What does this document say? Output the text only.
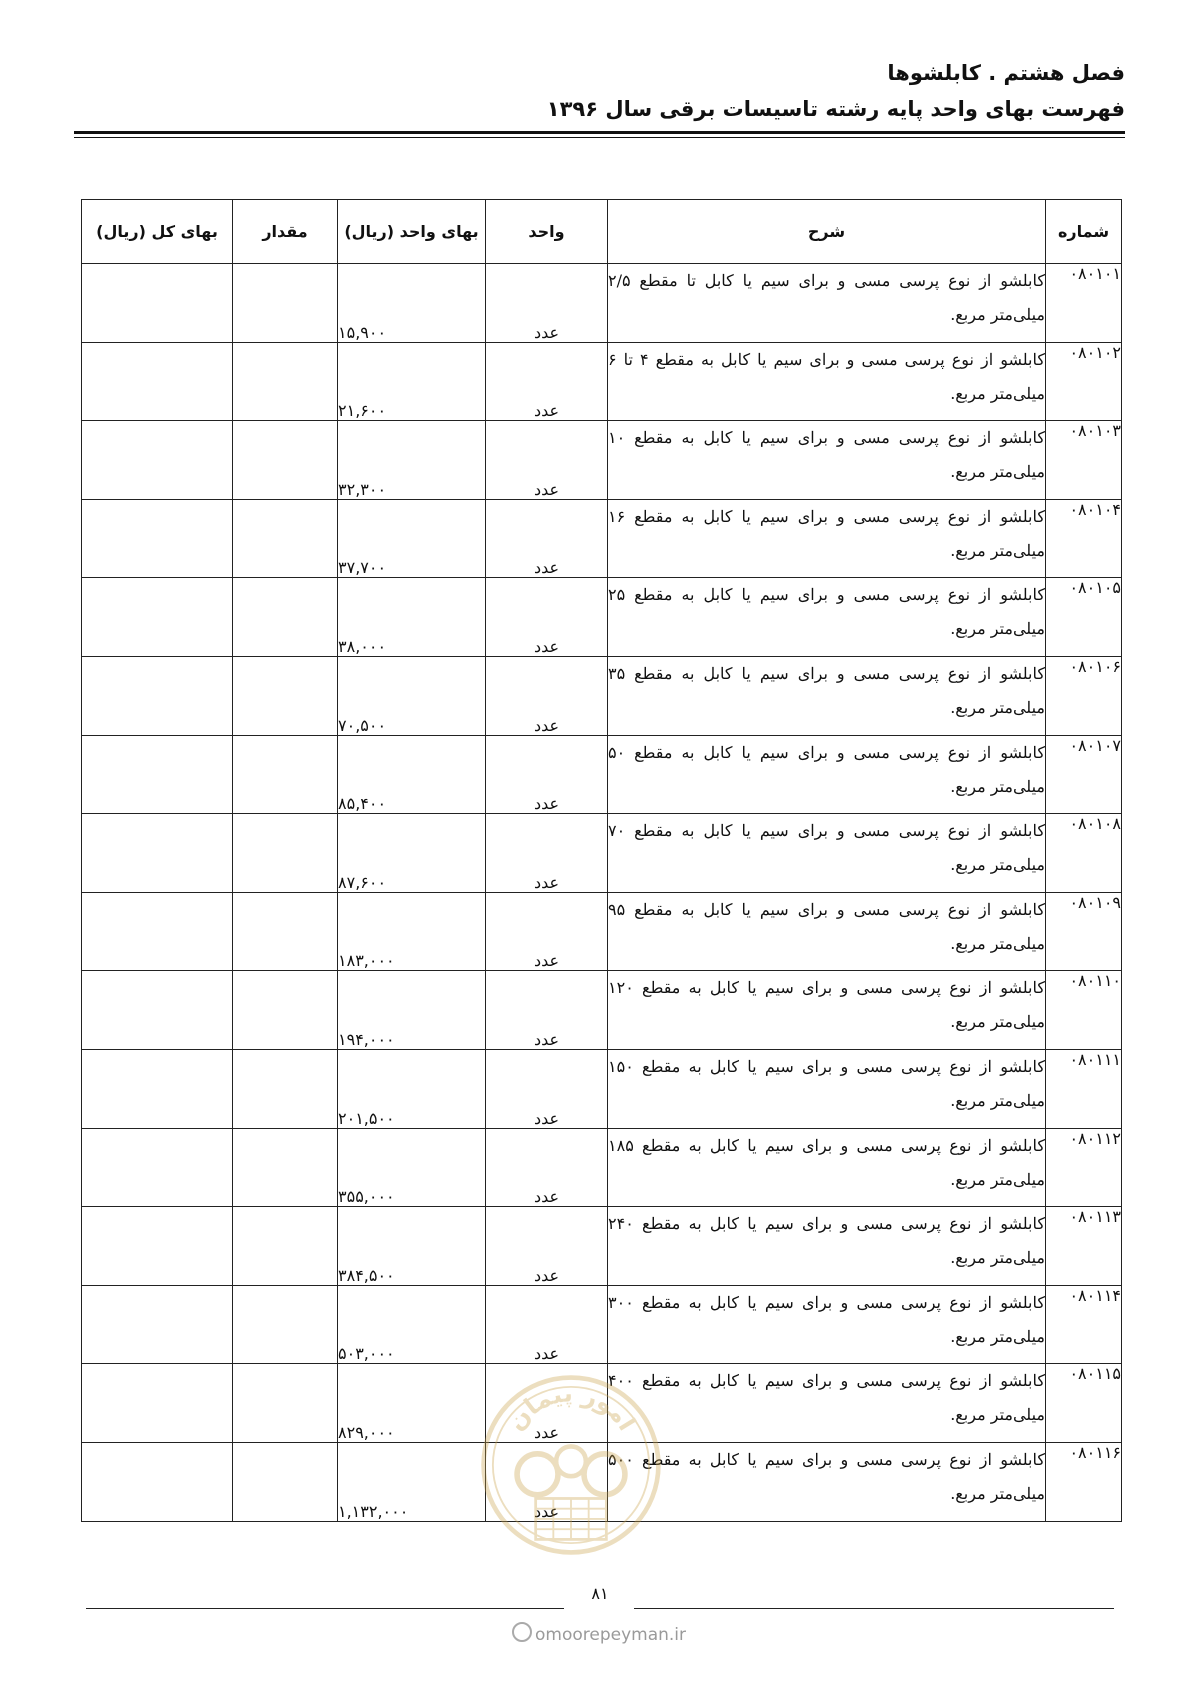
فصل هشتم . کابلشوها
فهرست بهای واحد پایه رشته تاسیسات برقی سال ۱۳۹۶
شماره	شرح	واحد	بهای واحد (ریال)	مقدار	بهای کل (ریال)
۰۸۰۱۰۱	کابلشو از نوع پرسی مسی و برای سیم یا کابل تا مقطع ۲/۵ میلی‌متر مربع.	عدد	۱۵,۹۰۰		
۰۸۰۱۰۲	کابلشو از نوع پرسی مسی و برای سیم یا کابل به مقطع ۴ تا ۶ میلی‌متر مربع.	عدد	۲۱,۶۰۰		
۰۸۰۱۰۳	کابلشو از نوع پرسی مسی و برای سیم یا کابل به مقطع ۱۰ میلی‌متر مربع.	عدد	۳۲,۳۰۰		
۰۸۰۱۰۴	کابلشو از نوع پرسی مسی و برای سیم یا کابل به مقطع ۱۶ میلی‌متر مربع.	عدد	۳۷,۷۰۰		
۰۸۰۱۰۵	کابلشو از نوع پرسی مسی و برای سیم یا کابل به مقطع ۲۵ میلی‌متر مربع.	عدد	۳۸,۰۰۰		
۰۸۰۱۰۶	کابلشو از نوع پرسی مسی و برای سیم یا کابل به مقطع ۳۵ میلی‌متر مربع.	عدد	۷۰,۵۰۰		
۰۸۰۱۰۷	کابلشو از نوع پرسی مسی و برای سیم یا کابل به مقطع ۵۰ میلی‌متر مربع.	عدد	۸۵,۴۰۰		
۰۸۰۱۰۸	کابلشو از نوع پرسی مسی و برای سیم یا کابل به مقطع ۷۰ میلی‌متر مربع.	عدد	۸۷,۶۰۰		
۰۸۰۱۰۹	کابلشو از نوع پرسی مسی و برای سیم یا کابل به مقطع ۹۵ میلی‌متر مربع.	عدد	۱۸۳,۰۰۰		
۰۸۰۱۱۰	کابلشو از نوع پرسی مسی و برای سیم یا کابل به مقطع ۱۲۰ میلی‌متر مربع.	عدد	۱۹۴,۰۰۰		
۰۸۰۱۱۱	کابلشو از نوع پرسی مسی و برای سیم یا کابل به مقطع ۱۵۰ میلی‌متر مربع.	عدد	۲۰۱,۵۰۰		
۰۸۰۱۱۲	کابلشو از نوع پرسی مسی و برای سیم یا کابل به مقطع ۱۸۵ میلی‌متر مربع.	عدد	۳۵۵,۰۰۰		
۰۸۰۱۱۳	کابلشو از نوع پرسی مسی و برای سیم یا کابل به مقطع ۲۴۰ میلی‌متر مربع.	عدد	۳۸۴,۵۰۰		
۰۸۰۱۱۴	کابلشو از نوع پرسی مسی و برای سیم یا کابل به مقطع ۳۰۰ میلی‌متر مربع.	عدد	۵۰۳,۰۰۰		
۰۸۰۱۱۵	کابلشو از نوع پرسی مسی و برای سیم یا کابل به مقطع ۴۰۰ میلی‌متر مربع.	عدد	۸۲۹,۰۰۰		
۰۸۰۱۱۶	کابلشو از نوع پرسی مسی و برای سیم یا کابل به مقطع ۵۰۰ میلی‌متر مربع.	عدد	۱,۱۳۲,۰۰۰		
امور پیمان
۸۱
omoorepeyman.ir
